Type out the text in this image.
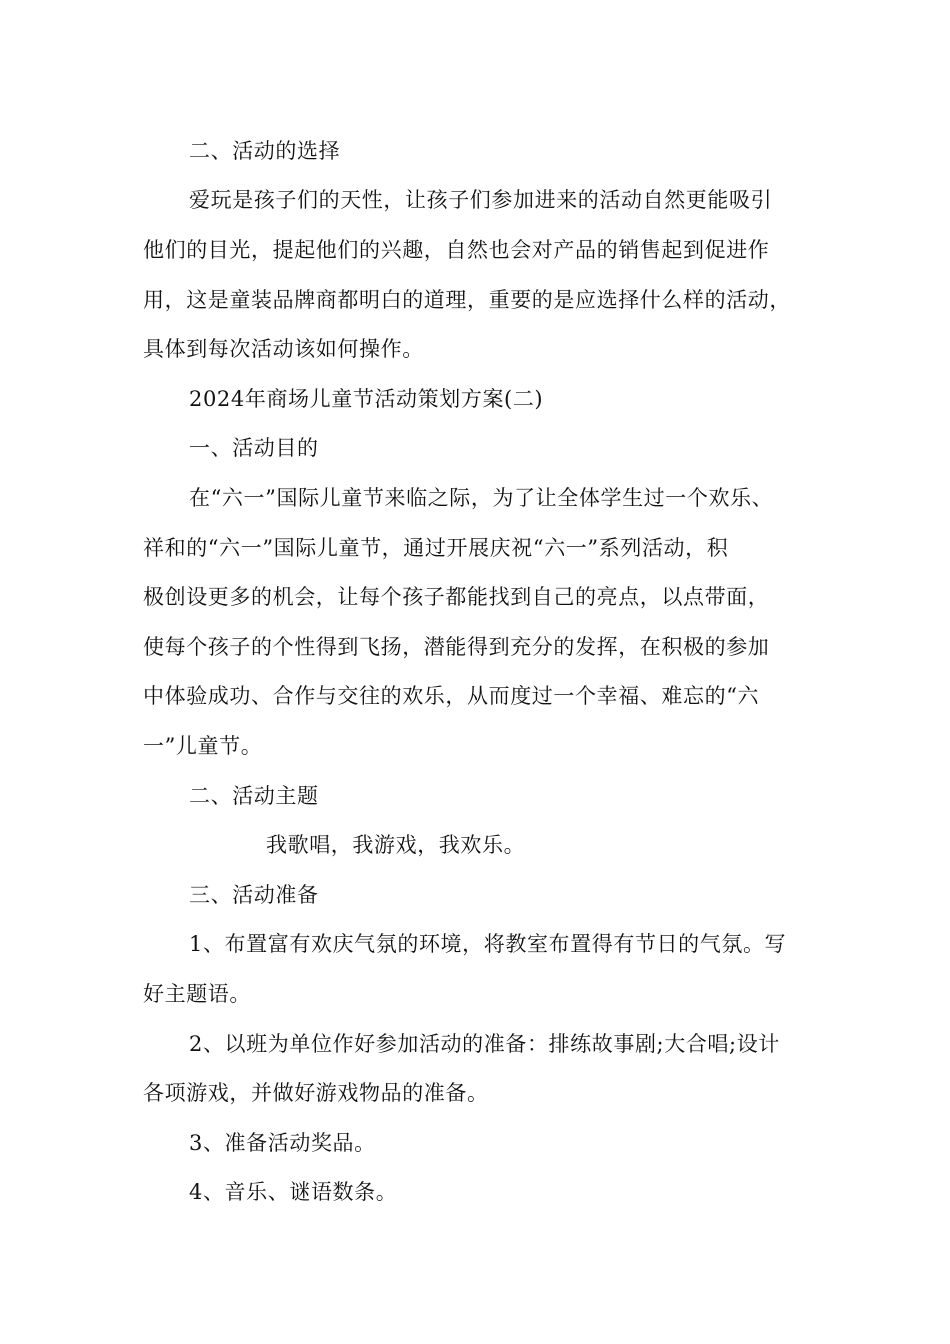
二、活动的选择
爱玩是孩子们的天性，让孩子们参加进来的活动自然更能吸引
他们的目光，提起他们的兴趣，自然也会对产品的销售起到促进作
用，这是童装品牌商都明白的道理，重要的是应选择什么样的活动，
具体到每次活动该如何操作。
2024年商场儿童节活动策划方案(二)
一、活动目的
在“六一”国际儿童节来临之际，为了让全体学生过一个欢乐、
祥和的“六一”国际儿童节，通过开展庆祝“六一”系列活动，积
极创设更多的机会，让每个孩子都能找到自己的亮点，以点带面，
使每个孩子的个性得到飞扬，潜能得到充分的发挥，在积极的参加
中体验成功、合作与交往的欢乐，从而度过一个幸福、难忘的“六
一”儿童节。
二、活动主题
我歌唱，我游戏，我欢乐。
三、活动准备
1、布置富有欢庆气氛的环境，将教室布置得有节日的气氛。写
好主题语。
2、以班为单位作好参加活动的准备：排练故事剧;大合唱;设计
各项游戏，并做好游戏物品的准备。
3、准备活动奖品。
4、音乐、谜语数条。
